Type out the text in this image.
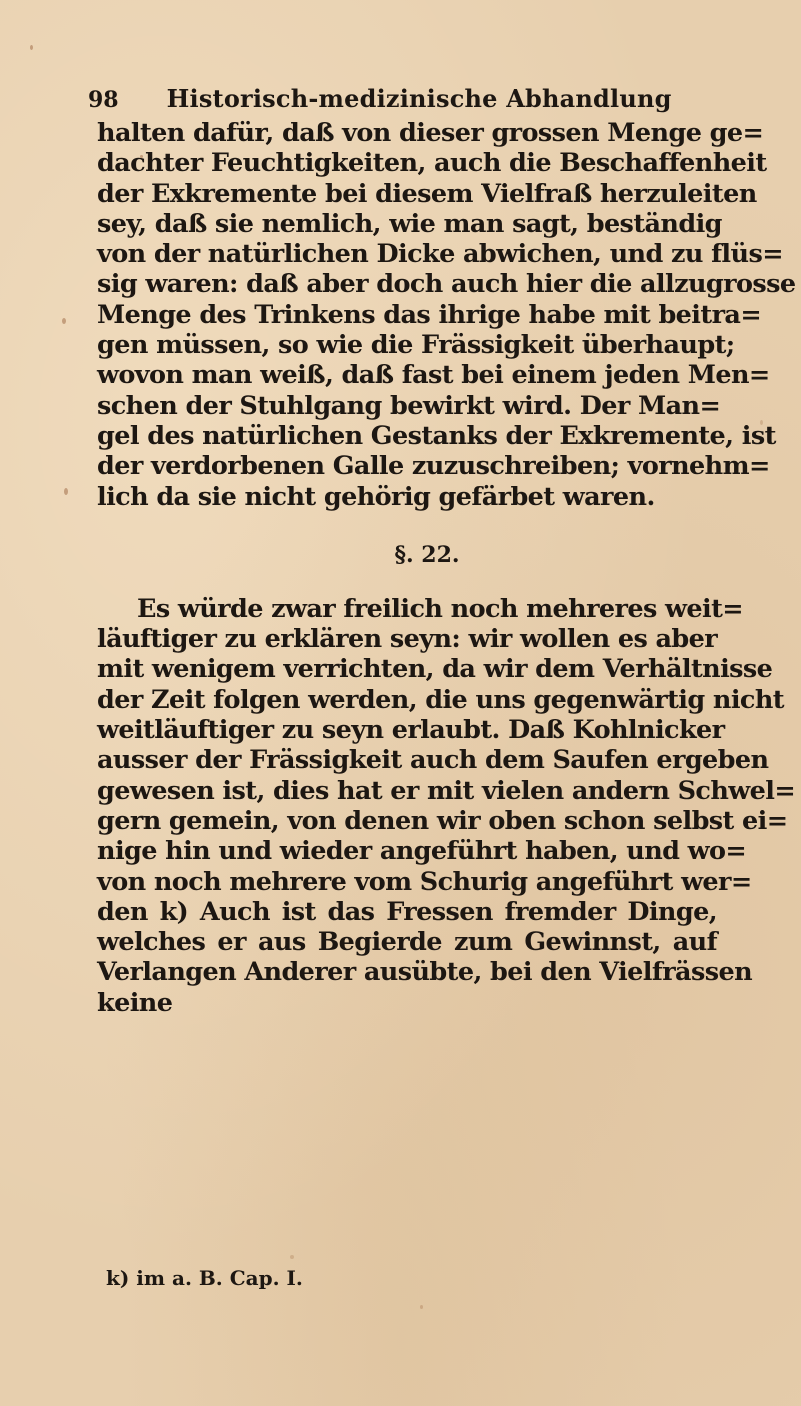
98 Historisch-medizinische Abhandlung
halten dafür, daß von dieser grossen Menge ge=
dachter Feuchtigkeiten, auch die Beschaffenheit
der Exkremente bei diesem Vielfraß herzuleiten
sey, daß sie nemlich, wie man sagt, beständig
von der natürlichen Dicke abwichen, und zu flüs=
sig waren: daß aber doch auch hier die allzugrosse
Menge des Trinkens das ihrige habe mit beitra=
gen müssen, so wie die Frässigkeit überhaupt;
wovon man weiß, daß fast bei einem jeden Men=
schen der Stuhlgang bewirkt wird. Der Man=
gel des natürlichen Gestanks der Exkremente, ist
der verdorbenen Galle zuzuschreiben; vornehm=
lich da sie nicht gehörig gefärbet waren.
§. 22.
Es würde zwar freilich noch mehreres weit=
läuftiger zu erklären seyn: wir wollen es aber
mit wenigem verrichten, da wir dem Verhältnisse
der Zeit folgen werden, die uns gegenwärtig nicht
weitläuftiger zu seyn erlaubt. Daß Kohlnicker
ausser der Frässigkeit auch dem Saufen ergeben
gewesen ist, dies hat er mit vielen andern Schwel=
gern gemein, von denen wir oben schon selbst ei=
nige hin und wieder angeführt haben, und wo=
von noch mehrere vom Schurig angeführt wer=
den k) Auch ist das Fressen fremder Dinge,
welches er aus Begierde zum Gewinnst, auf
Verlangen Anderer ausübte, bei den Vielfrässen
keine
k) im a. B. Cap. I.
